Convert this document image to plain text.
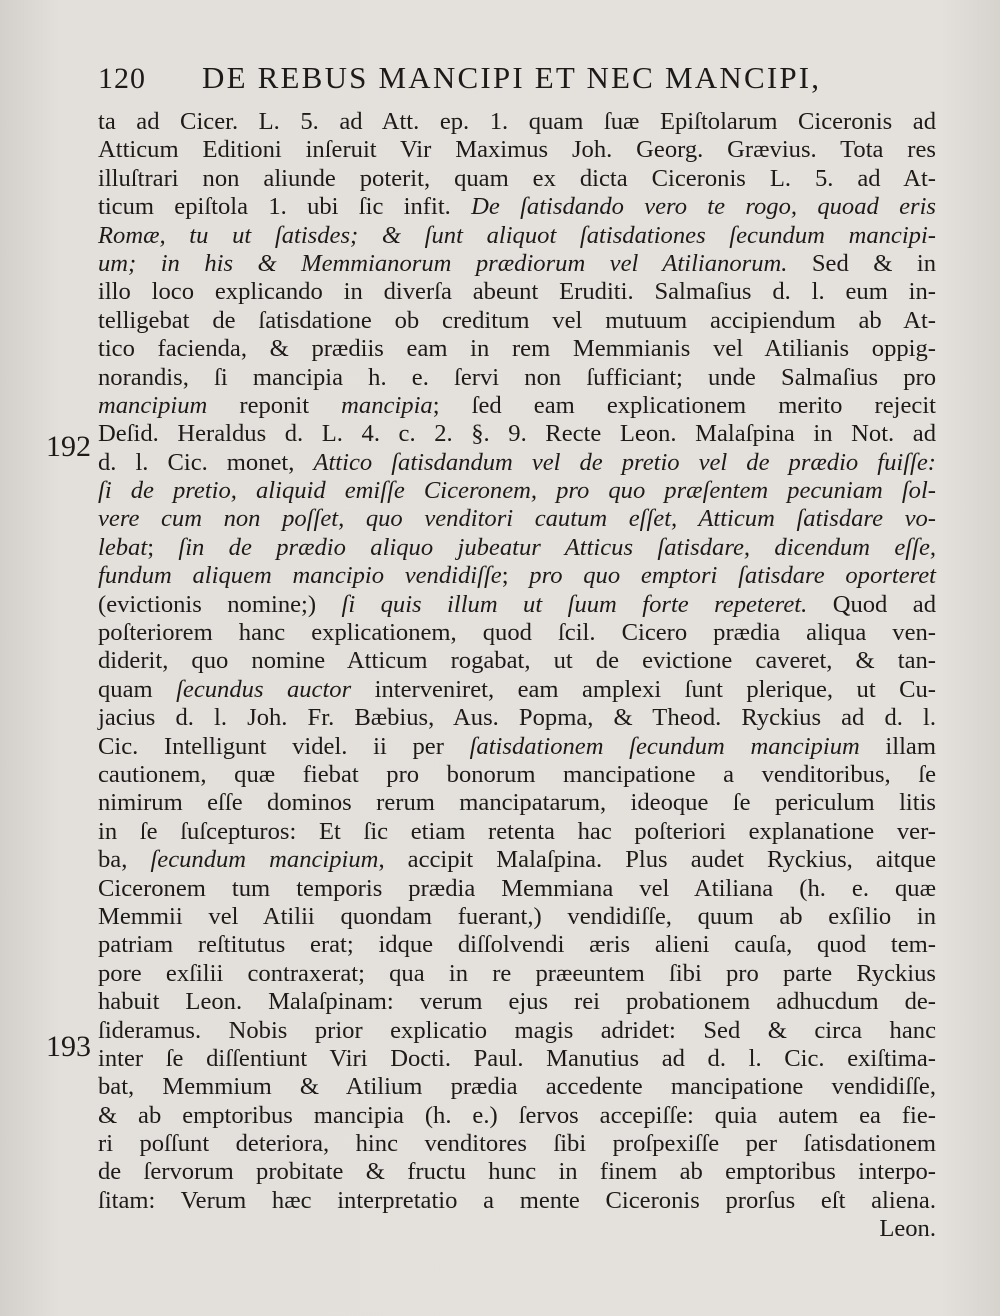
120 DE REBUS MANCIPI ET NEC MANCIPI,
192
193
ta ad Cicer. L. 5. ad Att. ep. 1. quam ſuæ Epiſtolarum Ciceronis ad
Atticum Editioni inſeruit Vir Maximus Joh. Georg. Grævius. Tota res
illuſtrari non aliunde poterit, quam ex dicta Ciceronis L. 5. ad At-
ticum epiſtola 1. ubi ſic infit. De ſatisdando vero te rogo, quoad eris
Romæ, tu ut ſatisdes; & ſunt aliquot ſatisdationes ſecundum mancipi-
um; in his & Memmianorum prædiorum vel Atilianorum. Sed & in
illo loco explicando in diverſa abeunt Eruditi. Salmaſius d. l. eum in-
telligebat de ſatisdatione ob creditum vel mutuum accipiendum ab At-
tico facienda, & prædiis eam in rem Memmianis vel Atilianis oppig-
norandis, ſi mancipia h. e. ſervi non ſufficiant; unde Salmaſius pro
mancipium reponit mancipia; ſed eam explicationem merito rejecit
Deſid. Heraldus d. L. 4. c. 2. §. 9. Recte Leon. Malaſpina in Not. ad
d. l. Cic. monet, Attico ſatisdandum vel de pretio vel de prædio fuiſſe:
ſi de pretio, aliquid emiſſe Ciceronem, pro quo præſentem pecuniam ſol-
vere cum non poſſet, quo venditori cautum eſſet, Atticum ſatisdare vo-
lebat; ſin de prædio aliquo jubeatur Atticus ſatisdare, dicendum eſſe,
fundum aliquem mancipio vendidiſſe; pro quo emptori ſatisdare oporteret
(evictionis nomine;) ſi quis illum ut ſuum forte repeteret. Quod ad
poſteriorem hanc explicationem, quod ſcil. Cicero prædia aliqua ven-
diderit, quo nomine Atticum rogabat, ut de evictione caveret, & tan-
quam ſecundus auctor interveniret, eam amplexi ſunt plerique, ut Cu-
jacius d. l. Joh. Fr. Bæbius, Aus. Popma, & Theod. Ryckius ad d. l.
Cic. Intelligunt videl. ii per ſatisdationem ſecundum mancipium illam
cautionem, quæ fiebat pro bonorum mancipatione a venditoribus, ſe
nimirum eſſe dominos rerum mancipatarum, ideoque ſe periculum litis
in ſe ſuſcepturos: Et ſic etiam retenta hac poſteriori explanatione ver-
ba, ſecundum mancipium, accipit Malaſpina. Plus audet Ryckius, aitque
Ciceronem tum temporis prædia Memmiana vel Atiliana (h. e. quæ
Memmii vel Atilii quondam fuerant,) vendidiſſe, quum ab exſilio in
patriam reſtitutus erat; idque diſſolvendi æris alieni cauſa, quod tem-
pore exſilii contraxerat; qua in re præeuntem ſibi pro parte Ryckius
habuit Leon. Malaſpinam: verum ejus rei probationem adhucdum de-
ſideramus. Nobis prior explicatio magis adridet: Sed & circa hanc
inter ſe diſſentiunt Viri Docti. Paul. Manutius ad d. l. Cic. exiſtima-
bat, Memmium & Atilium prædia accedente mancipatione vendidiſſe,
& ab emptoribus mancipia (h. e.) ſervos accepiſſe: quia autem ea fie-
ri poſſunt deteriora, hinc venditores ſibi proſpexiſſe per ſatisdationem
de ſervorum probitate & fructu hunc in finem ab emptoribus interpo-
ſitam: Verum hæc interpretatio a mente Ciceronis prorſus eſt aliena.
Leon.
